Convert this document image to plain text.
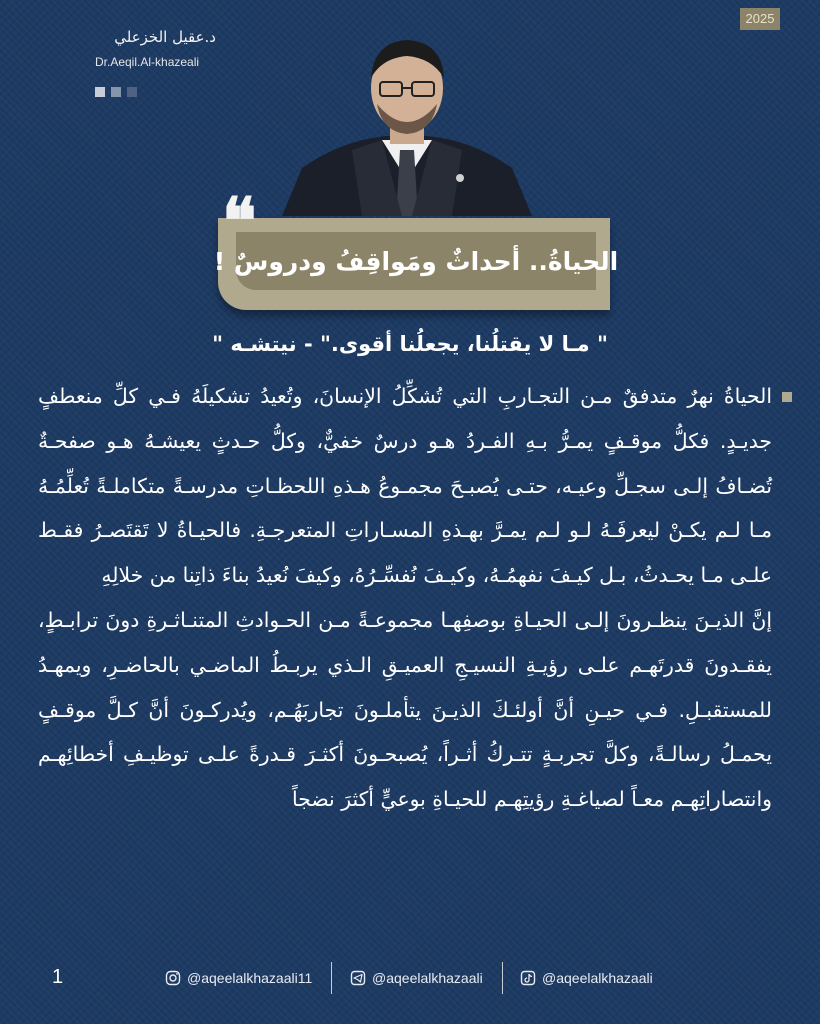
2025
د.عقيل الخزعلي
Dr.Aeqil.Al-khazeali
الحياةُ.. أحداثٌ ومَواقِفُ ودروسٌ !
❝
" مـا لا يقتلُنا، يجعلُنا أقوى." - نيتشـه "

الحياةُ نهرٌ متدفقٌ مـن التجـاربِ التي تُشكِّلُ الإنسانَ، وتُعيدُ تشكيلَهُ فـي كلِّ منعطفٍ جديـدٍ. فكلُّ موقـفٍ يمـرُّ بـهِ الفـردُ هـو درسٌ خفيٌّ، وكلُّ حـدثٍ يعيشـهُ هـو صفحـةٌ تُضـافُ إلـى سجـلِّ وعيـه، حتـى يُصبـحَ مجمـوعُ هـذهِ اللحظـاتِ مدرسـةً متكاملـةً تُعلِّمُـهُ مـا لـم يكـنْ ليعرفَـهُ لـو لـم يمـرَّ بهـذهِ المسـاراتِ المتعرجـةِ. فالحيـاةُ لا تَقتَصـرُ فقـط علـى مـا يحـدثُ، بـل كيـفَ نفهمُـهُ، وكيـفَ نُفسِّـرُهُ، وكيفَ نُعيدُ بناءَ ذاتِنا من خلالِهِ

إنَّ الذيـنَ ينظـرونَ إلـى الحيـاةِ بوصفِهـا مجموعـةً مـن الحـوادثِ المتنـاثـرةِ دونَ ترابـطٍ، يفقـدونَ قدرتَهـم علـى رؤيـةِ النسيـجِ العميـقِ الـذي يربـطُ الماضـي بالحاضـرِ، ويمهـدُ للمستقبـلِ. فـي حيـنِ أنَّ أولئـكَ الذيـنَ يتأملـونَ تجاربَهُـم، ويُدركـونَ أنَّ كـلَّ موقـفٍ يحمـلُ رسالـةً، وكلَّ تجربـةٍ تتـركُ أثـراً، يُصبحـونَ أكثـرَ قـدرةً علـى توظيـفِ أخطائِهـم وانتصاراتِهـم معـاً لصياغـةِ رؤيتِهـم للحيـاةِ بوعيٍّ أكثرَ نضجاً

1	@aqeelalkhazaali11	@aqeelalkhazaali	@aqeelalkhazaali
